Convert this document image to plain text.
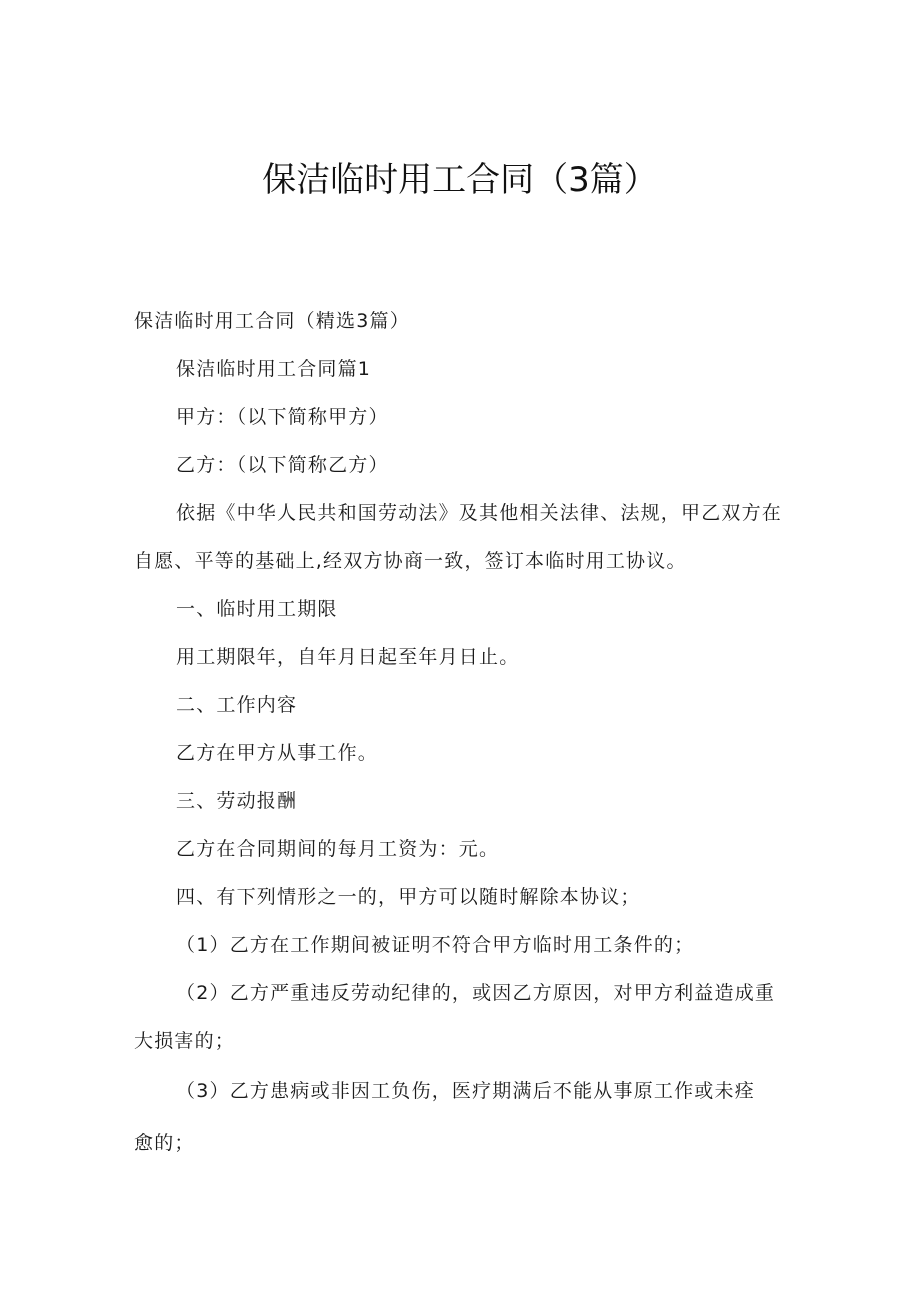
保洁临时用工合同（3篇）
保洁临时用工合同（精选3篇）
保洁临时用工合同篇1
甲方：（以下简称甲方）
乙方：（以下简称乙方）
依据《中华人民共和国劳动法》及其他相关法律、法规，甲乙双方在
自愿、平等的基础上,经双方协商一致，签订本临时用工协议。
一、临时用工期限
用工期限年，自年月日起至年月日止。
二、工作内容
乙方在甲方从事工作。
三、劳动报酬
乙方在合同期间的每月工资为：元。
四、有下列情形之一的，甲方可以随时解除本协议；
（1）乙方在工作期间被证明不符合甲方临时用工条件的；
（2）乙方严重违反劳动纪律的，或因乙方原因，对甲方利益造成重
大损害的；
（3）乙方患病或非因工负伤，医疗期满后不能从事原工作或未痊
愈的；
